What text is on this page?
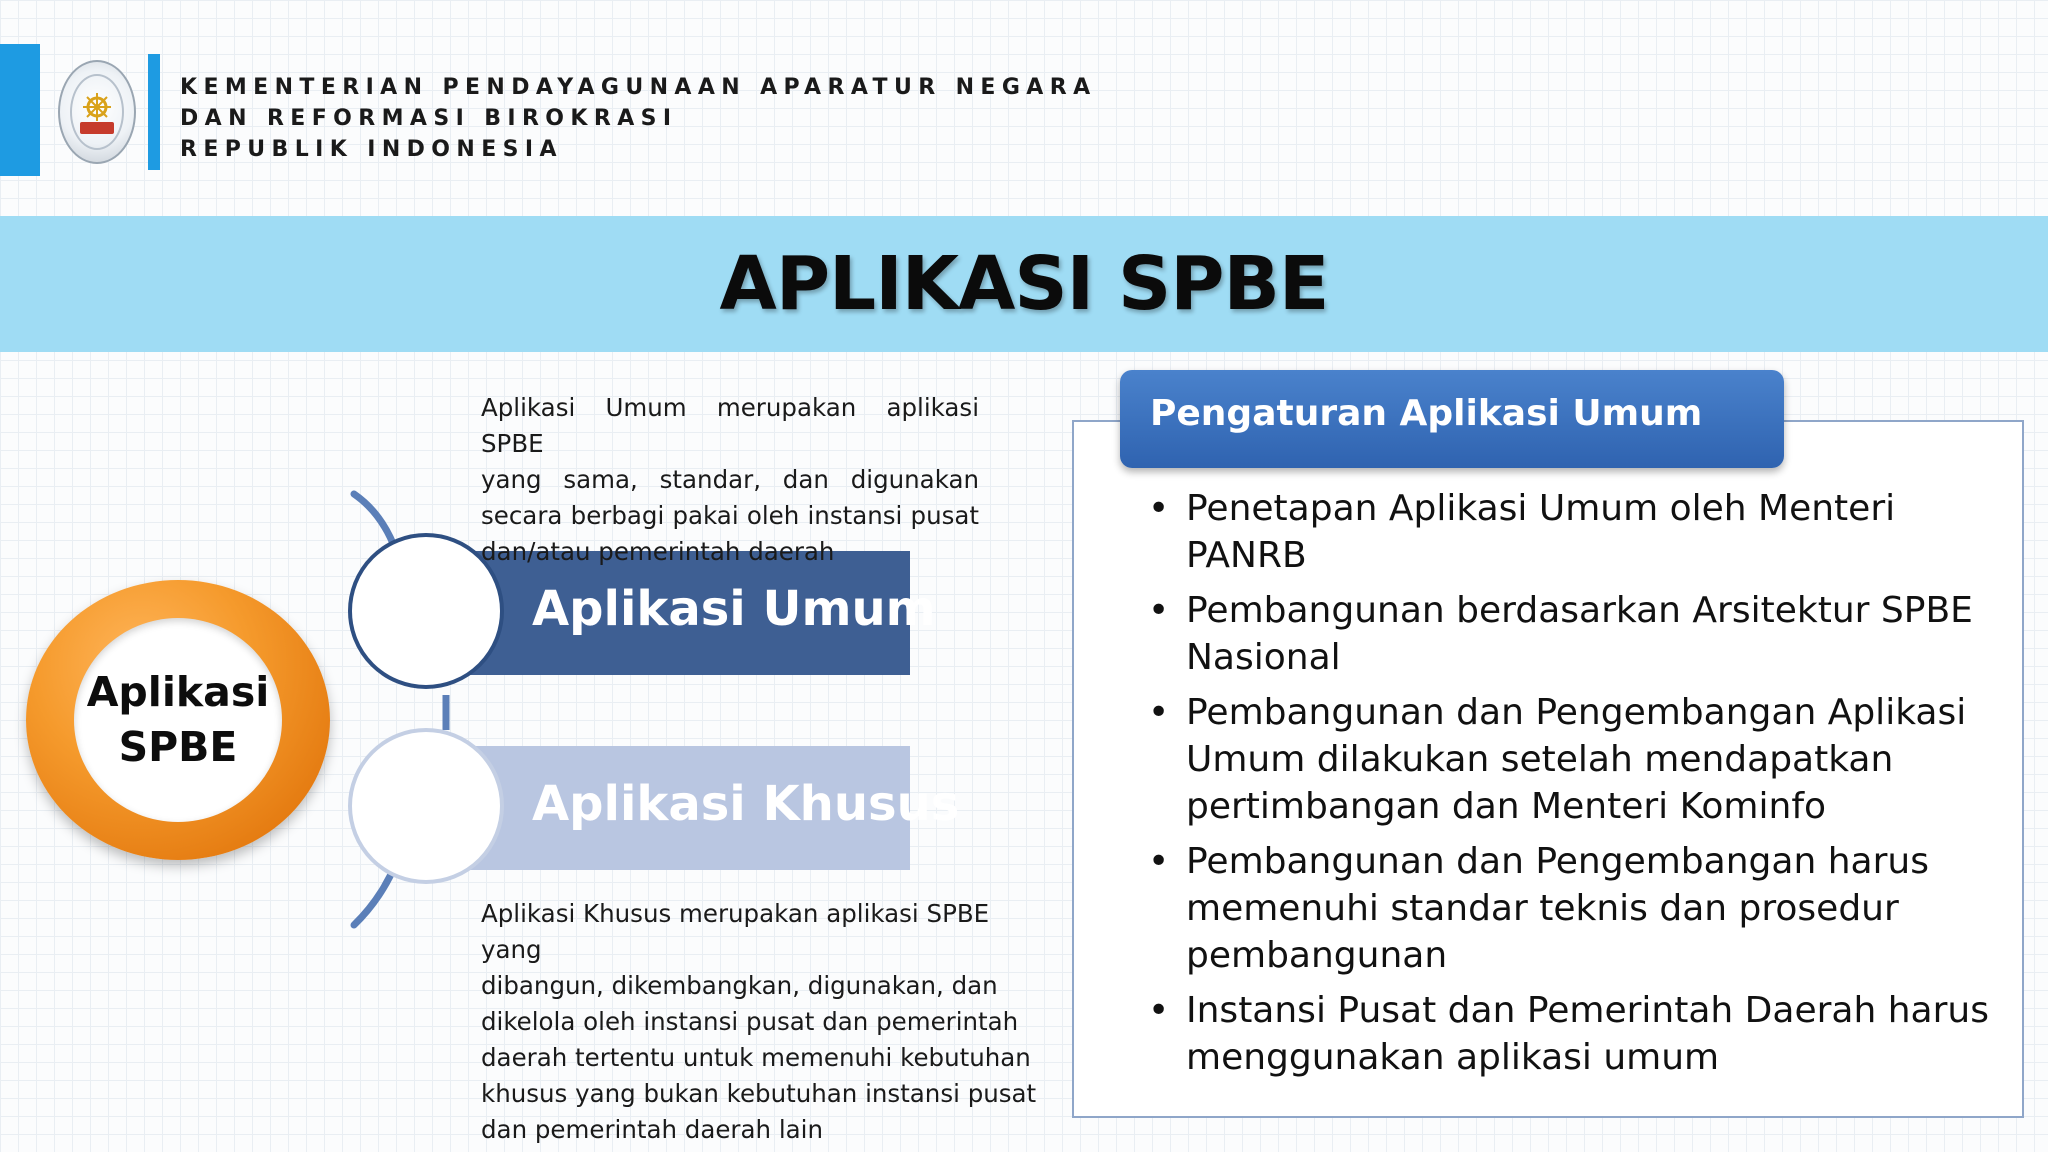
KEMENTERIAN PENDAYAGUNAAN APARATUR NEGARA
DAN REFORMASI BIROKRASI
REPUBLIK INDONESIA
APLIKASI SPBE
Aplikasi
SPBE
Aplikasi Umum
Aplikasi Khusus
Aplikasi Umum merupakan aplikasi SPBE
yang sama, standar, dan digunakan
secara berbagi pakai oleh instansi pusat
dan/atau pemerintah daerah
Aplikasi Khusus merupakan aplikasi SPBE yang
dibangun, dikembangkan, digunakan, dan
dikelola oleh instansi pusat dan pemerintah
daerah tertentu untuk memenuhi kebutuhan
khusus yang bukan kebutuhan instansi pusat
dan pemerintah daerah lain
Pengaturan Aplikasi Umum
• Penetapan Aplikasi Umum oleh Menteri PANRB
• Pembangunan berdasarkan Arsitektur SPBE Nasional
• Pembangunan dan Pengembangan Aplikasi Umum dilakukan setelah mendapatkan pertimbangan dan Menteri Kominfo
• Pembangunan dan Pengembangan harus memenuhi standar teknis dan prosedur pembangunan
• Instansi Pusat dan Pemerintah Daerah harus menggunakan aplikasi umum
